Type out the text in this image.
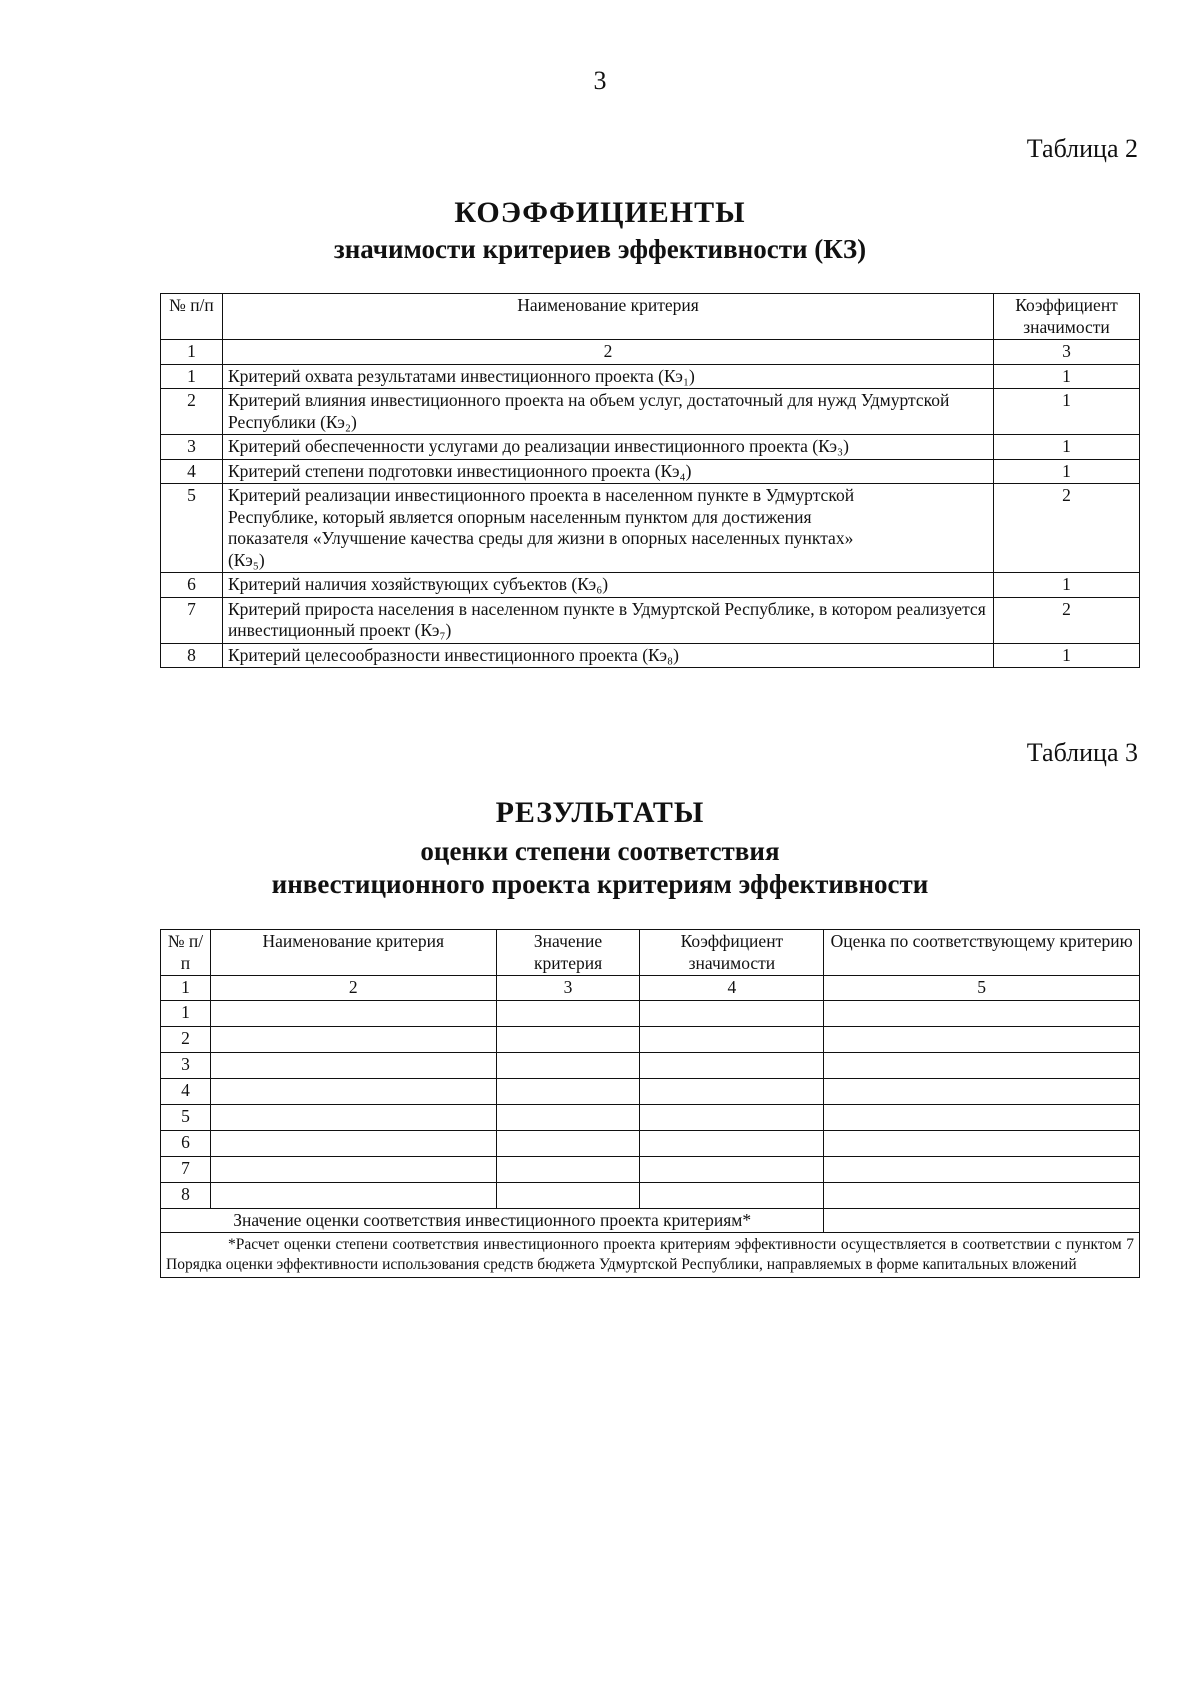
3
Таблица 2
КОЭФФИЦИЕНТЫ
значимости критериев эффективности (КЗ)
№ п/п	Наименование критерия	Коэффициент значимости
1	2	3
1	Критерий охвата результатами инвестиционного проекта (Кэ₁)	1
2	Критерий влияния инвестиционного проекта на объем услуг, достаточный для нужд Удмуртской Республики (Кэ₂)	1
3	Критерий обеспеченности услугами до реализации инвестиционного проекта (Кэ₃)	1
4	Критерий степени подготовки инвестиционного проекта (Кэ₄)	1
5	Критерий реализации инвестиционного проекта в населенном пункте в Удмуртской Республике, который является опорным населенным пунктом для достижения показателя «Улучшение качества среды для жизни в опорных населенных пунктах» (Кэ₅)	2
6	Критерий наличия хозяйствующих субъектов (Кэ₆)	1
7	Критерий прироста населения в населенном пункте в Удмуртской Республике, в котором реализуется инвестиционный проект (Кэ₇)	2
8	Критерий целесообразности инвестиционного проекта (Кэ₈)	1
Таблица 3
РЕЗУЛЬТАТЫ
оценки степени соответствия
инвестиционного проекта критериям эффективности
№ п/п	Наименование критерия	Значение критерия	Коэффициент значимости	Оценка по соответствующему критерию
1	2	3	4	5
1				
2				
3				
4				
5				
6				
7				
8				
Значение оценки соответствия инвестиционного проекта критериям*				
*Расчет оценки степени соответствия инвестиционного проекта критериям эффективности осуществляется в соответствии с пунктом 7 Порядка оценки эффективности использования средств бюджета Удмуртской Республики, направляемых в форме капитальных вложений				
